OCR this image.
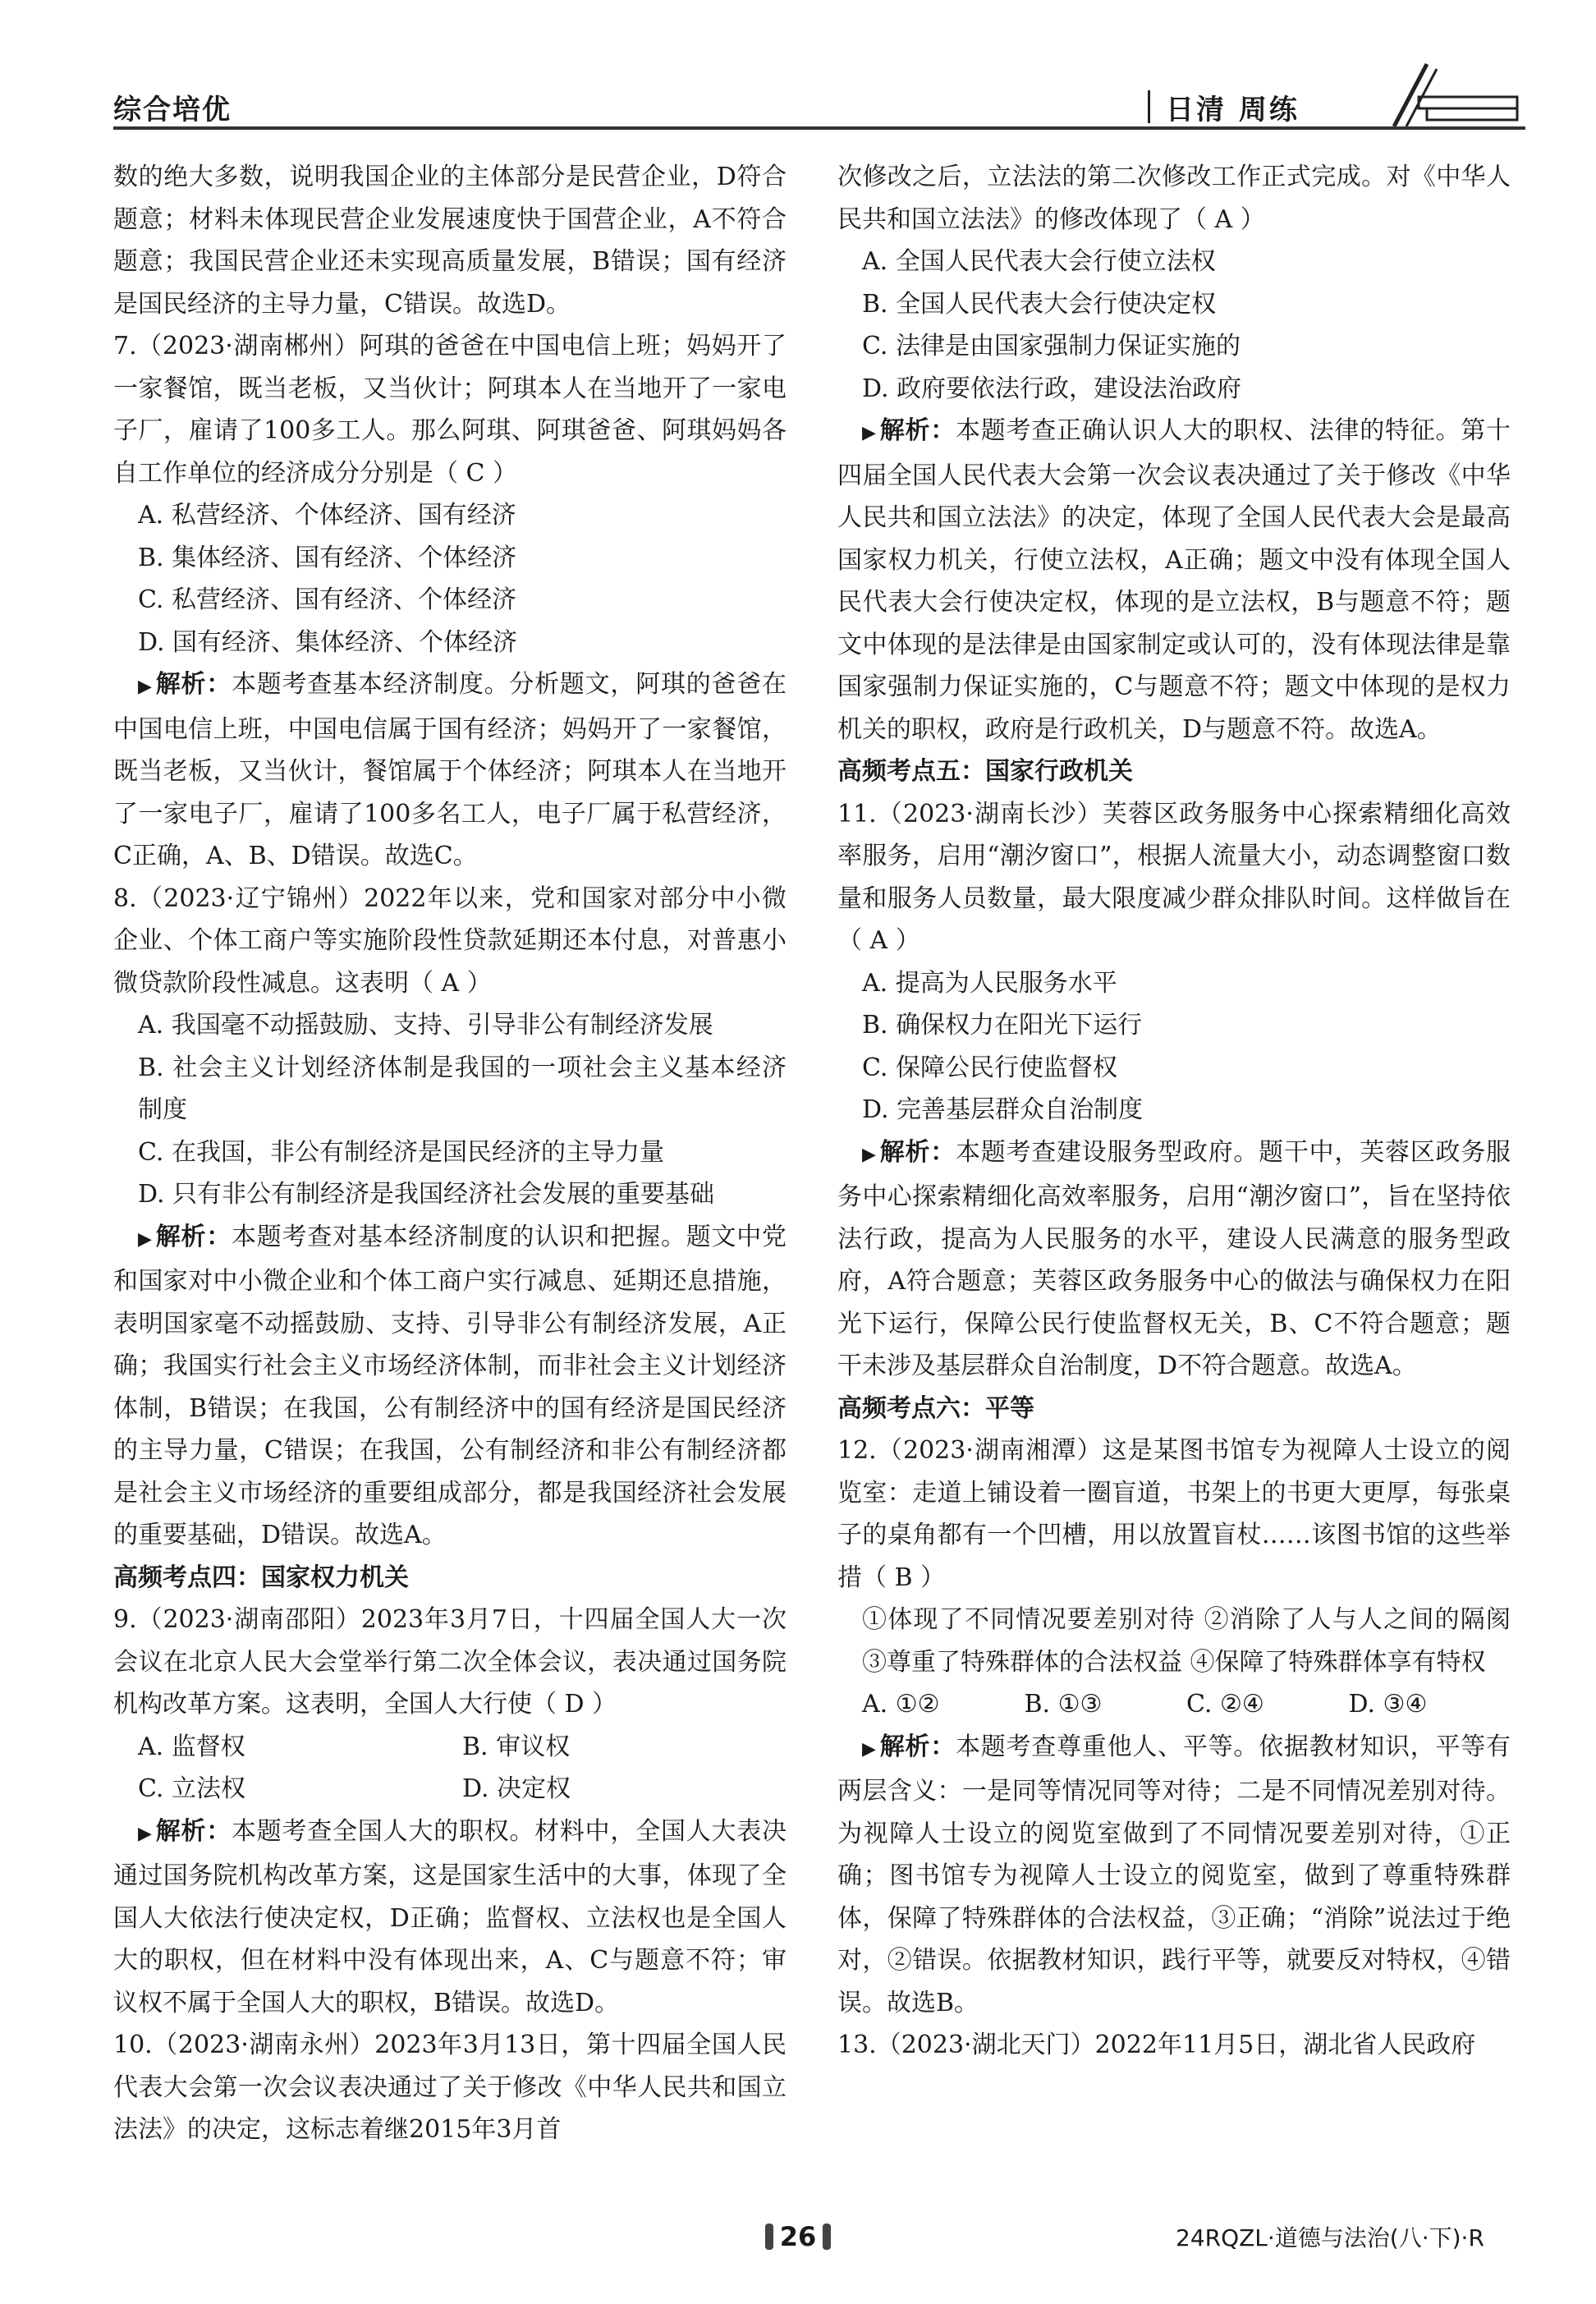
综合培优	日清 周练

数的绝大多数，说明我国企业的主体部分是民营企业，D符合题意；材料未体现民营企业发展速度快于国营企业，A不符合题意；我国民营企业还未实现高质量发展，B错误；国有经济是国民经济的主导力量，C错误。故选D。

7.（2023·湖南郴州）阿琪的爸爸在中国电信上班；妈妈开了一家餐馆，既当老板，又当伙计；阿琪本人在当地开了一家电子厂，雇请了100多工人。那么阿琪、阿琪爸爸、阿琪妈妈各自工作单位的经济成分分别是（ C ）

A. 私营经济、个体经济、国有经济

B. 集体经济、国有经济、个体经济

C. 私营经济、国有经济、个体经济

D. 国有经济、集体经济、个体经济

▶ 解析：本题考查基本经济制度。分析题文，阿琪的爸爸在中国电信上班，中国电信属于国有经济；妈妈开了一家餐馆，既当老板，又当伙计，餐馆属于个体经济；阿琪本人在当地开了一家电子厂，雇请了100多名工人，电子厂属于私营经济，C正确，A、B、D错误。故选C。

8.（2023·辽宁锦州）2022年以来，党和国家对部分中小微企业、个体工商户等实施阶段性贷款延期还本付息，对普惠小微贷款阶段性减息。这表明（ A ）

A. 我国毫不动摇鼓励、支持、引导非公有制经济发展

B. 社会主义计划经济体制是我国的一项社会主义基本经济制度

C. 在我国，非公有制经济是国民经济的主导力量

D. 只有非公有制经济是我国经济社会发展的重要基础

▶ 解析：本题考查对基本经济制度的认识和把握。题文中党和国家对中小微企业和个体工商户实行减息、延期还息措施，表明国家毫不动摇鼓励、支持、引导非公有制经济发展，A正确；我国实行社会主义市场经济体制，而非社会主义计划经济体制，B错误；在我国，公有制经济中的国有经济是国民经济的主导力量，C错误；在我国，公有制经济和非公有制经济都是社会主义市场经济的重要组成部分，都是我国经济社会发展的重要基础，D错误。故选A。

高频考点四：国家权力机关

9.（2023·湖南邵阳）2023年3月7日，十四届全国人大一次会议在北京人民大会堂举行第二次全体会议，表决通过国务院机构改革方案。这表明，全国人大行使（ D ）

A. 监督权	B. 审议权
C. 立法权	D. 决定权

▶ 解析：本题考查全国人大的职权。材料中，全国人大表决通过国务院机构改革方案，这是国家生活中的大事，体现了全国人大依法行使决定权，D正确；监督权、立法权也是全国人大的职权，但在材料中没有体现出来，A、C与题意不符；审议权不属于全国人大的职权，B错误。故选D。

10.（2023·湖南永州）2023年3月13日，第十四届全国人民代表大会第一次会议表决通过了关于修改《中华人民共和国立法法》的决定，这标志着继2015年3月首

次修改之后，立法法的第二次修改工作正式完成。对《中华人民共和国立法法》的修改体现了（ A ）

A. 全国人民代表大会行使立法权

B. 全国人民代表大会行使决定权

C. 法律是由国家强制力保证实施的

D. 政府要依法行政，建设法治政府

▶ 解析：本题考查正确认识人大的职权、法律的特征。第十四届全国人民代表大会第一次会议表决通过了关于修改《中华人民共和国立法法》的决定，体现了全国人民代表大会是最高国家权力机关，行使立法权，A正确；题文中没有体现全国人民代表大会行使决定权，体现的是立法权，B与题意不符；题文中体现的是法律是由国家制定或认可的，没有体现法律是靠国家强制力保证实施的，C与题意不符；题文中体现的是权力机关的职权，政府是行政机关，D与题意不符。故选A。

高频考点五：国家行政机关

11.（2023·湖南长沙）芙蓉区政务服务中心探索精细化高效率服务，启用“潮汐窗口”，根据人流量大小，动态调整窗口数量和服务人员数量，最大限度减少群众排队时间。这样做旨在（ A ）

A. 提高为人民服务水平

B. 确保权力在阳光下运行

C. 保障公民行使监督权

D. 完善基层群众自治制度

▶ 解析：本题考查建设服务型政府。题干中，芙蓉区政务服务中心探索精细化高效率服务，启用“潮汐窗口”，旨在坚持依法行政，提高为人民服务的水平，建设人民满意的服务型政府，A符合题意；芙蓉区政务服务中心的做法与确保权力在阳光下运行，保障公民行使监督权无关，B、C不符合题意；题干未涉及基层群众自治制度，D不符合题意。故选A。

高频考点六：平等

12.（2023·湖南湘潭）这是某图书馆专为视障人士设立的阅览室：走道上铺设着一圈盲道，书架上的书更大更厚，每张桌子的桌角都有一个凹槽，用以放置盲杖……该图书馆的这些举措（ B ）

①体现了不同情况要差别对待 ②消除了人与人之间的隔阂 ③尊重了特殊群体的合法权益 ④保障了特殊群体享有特权

A. ①②	B. ①③	C. ②④	D. ③④

▶ 解析：本题考查尊重他人、平等。依据教材知识，平等有两层含义：一是同等情况同等对待；二是不同情况差别对待。为视障人士设立的阅览室做到了不同情况要差别对待，①正确；图书馆专为视障人士设立的阅览室，做到了尊重特殊群体，保障了特殊群体的合法权益，③正确；“消除”说法过于绝对，②错误。依据教材知识，践行平等，就要反对特权，④错误。故选B。

13.（2023·湖北天门）2022年11月5日，湖北省人民政府

26	24RQZL·道德与法治(八·下)·R
